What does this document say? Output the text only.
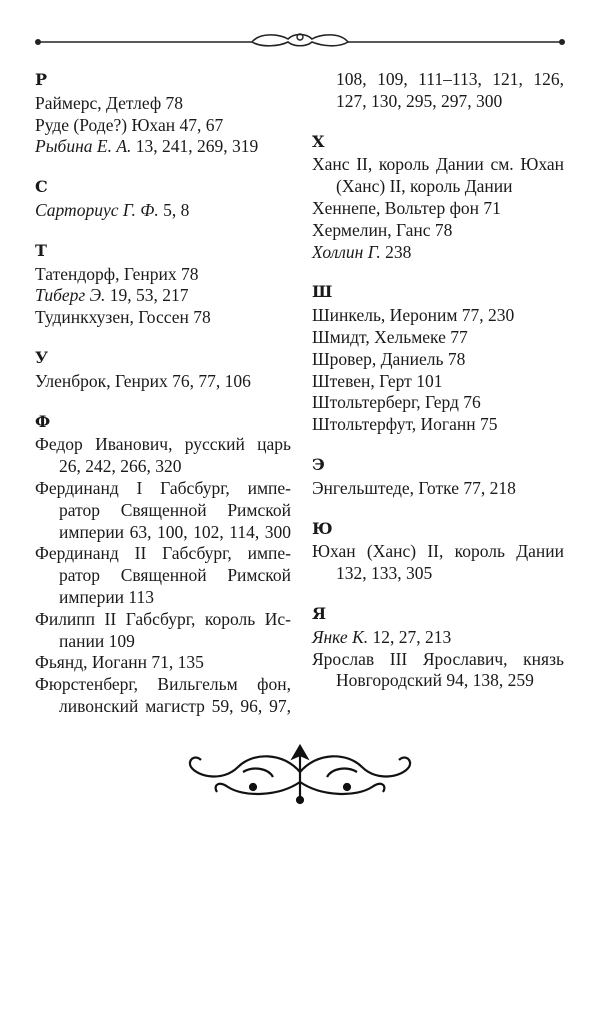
Р
Раймерс, Детлеф 78
Руде (Роде?) Юхан 47, 67
Рыбина Е. А. 13, 241, 269, 319
С
Сарториус Г. Ф. 5, 8
Т
Татендорф, Генрих 78
Тиберг Э. 19, 53, 217
Тудинкхузен, Госсен 78
У
Уленброк, Генрих 76, 77, 106
Ф
Федор Иванович, русский царь
26, 242, 266, 320
Фердинанд I Габсбург, импе-
ратор Священной Римской
империи 63, 100, 102, 114, 300
Фердинанд II Габсбург, импе-
ратор Священной Римской
империи 113
Филипп II Габсбург, король Ис-
пании 109
Фьянд, Иоганн 71, 135
Фюрстенберг, Вильгельм фон,
ливонский магистр 59, 96, 97,
108, 109, 111–113, 121, 126,
127, 130, 295, 297, 300
Х
Ханс II, король Дании см. Юхан
(Ханс) II, король Дании
Хеннепе, Вольтер фон 71
Хермелин, Ганс 78
Холлин Г. 238
Ш
Шинкель, Иероним 77, 230
Шмидт, Хельмеке 77
Шровер, Даниель 78
Штевен, Герт 101
Штольтерберг, Герд 76
Штольтерфут, Иоганн 75
Э
Энгельштеде, Готке 77, 218
Ю
Юхан (Ханс) II, король Дании
132, 133, 305
Я
Янке К. 12, 27, 213
Ярослав III Ярославич, князь
Новгородский 94, 138, 259
